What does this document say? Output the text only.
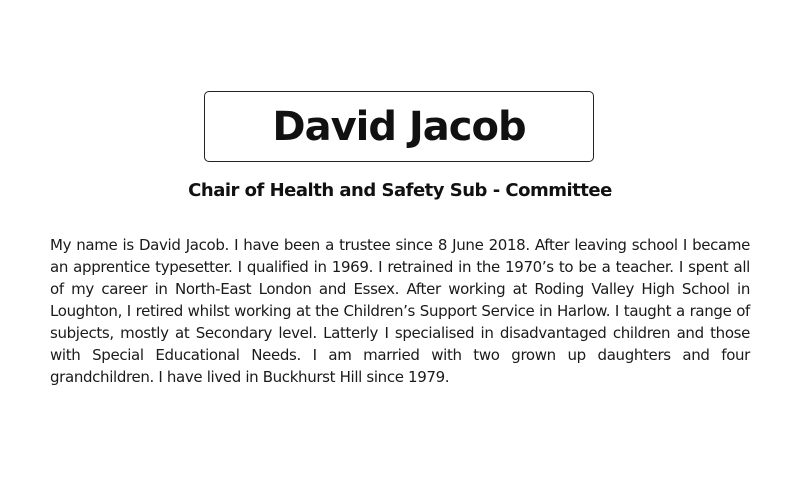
David Jacob
Chair of Health and Safety Sub - Committee

My name is David Jacob. I have been a trustee since 8 June 2018. After leaving school I became an apprentice typesetter. I qualified in 1969. I retrained in the 1970’s to be a teacher. I spent all of my career in North-East London and Essex. After working at Roding Valley High School in Loughton, I retired whilst working at the Children’s Support Service in Harlow. I taught a range of subjects, mostly at Secondary level. Latterly I specialised in disadvantaged children and those with Special Educational Needs. I am married with two grown up daughters and four grandchildren. I have lived in Buckhurst Hill since 1979.
